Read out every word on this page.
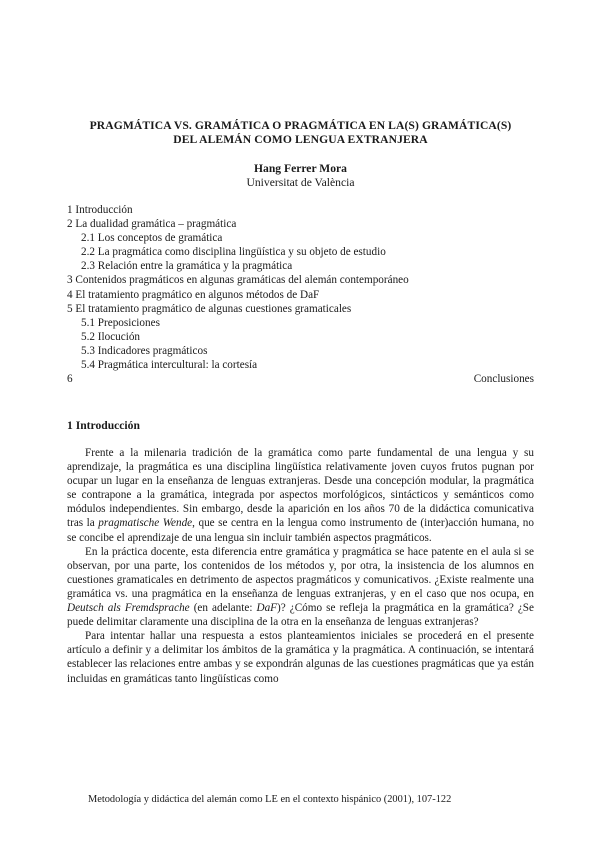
PRAGMÁTICA VS. GRAMÁTICA O PRAGMÁTICA EN LA(S) GRAMÁTICA(S)
DEL ALEMÁN COMO LENGUA EXTRANJERA
Hang Ferrer Mora
Universitat de València
1 Introducción
2 La dualidad gramática – pragmática
2.1 Los conceptos de gramática
2.2 La pragmática como disciplina lingüística y su objeto de estudio
2.3 Relación entre la gramática y la pragmática
3 Contenidos pragmáticos en algunas gramáticas del alemán contemporáneo
4 El tratamiento pragmático en algunos métodos de DaF
5 El tratamiento pragmático de algunas cuestiones gramaticales
5.1 Preposiciones
5.2 Ilocución
5.3 Indicadores pragmáticos
5.4 Pragmática intercultural: la cortesía
6	Conclusiones
1 Introducción

Frente a la milenaria tradición de la gramática como parte fundamental de una lengua y su aprendizaje, la pragmática es una disciplina lingüística relativamente joven cuyos frutos pugnan por ocupar un lugar en la enseñanza de lenguas extranjeras. Desde una concepción modular, la pragmática se contrapone a la gramática, integrada por aspectos morfológicos, sintácticos y semánticos como módulos independientes. Sin embargo, desde la aparición en los años 70 de la didáctica comunicativa tras la pragmatische Wende, que se centra en la lengua como instrumento de (inter)acción humana, no se concibe el aprendizaje de una lengua sin incluir también aspectos pragmáticos.

En la práctica docente, esta diferencia entre gramática y pragmática se hace patente en el aula si se observan, por una parte, los contenidos de los métodos y, por otra, la insistencia de los alumnos en cuestiones gramaticales en detrimento de aspectos pragmáticos y comunicativos. ¿Existe realmente una gramática vs. una pragmática en la enseñanza de lenguas extranjeras, y en el caso que nos ocupa, en Deutsch als Fremdsprache (en adelante: DaF)? ¿Cómo se refleja la pragmática en la gramática? ¿Se puede delimitar claramente una disciplina de la otra en la enseñanza de lenguas extranjeras?

Para intentar hallar una respuesta a estos planteamientos iniciales se procederá en el presente artículo a definir y a delimitar los ámbitos de la gramática y la pragmática. A continuación, se intentará establecer las relaciones entre ambas y se expondrán algunas de las cuestiones pragmáticas que ya están incluidas en gramáticas tanto lingüísticas como

Metodología y didáctica del alemán como LE en el contexto hispánico (2001), 107-122
